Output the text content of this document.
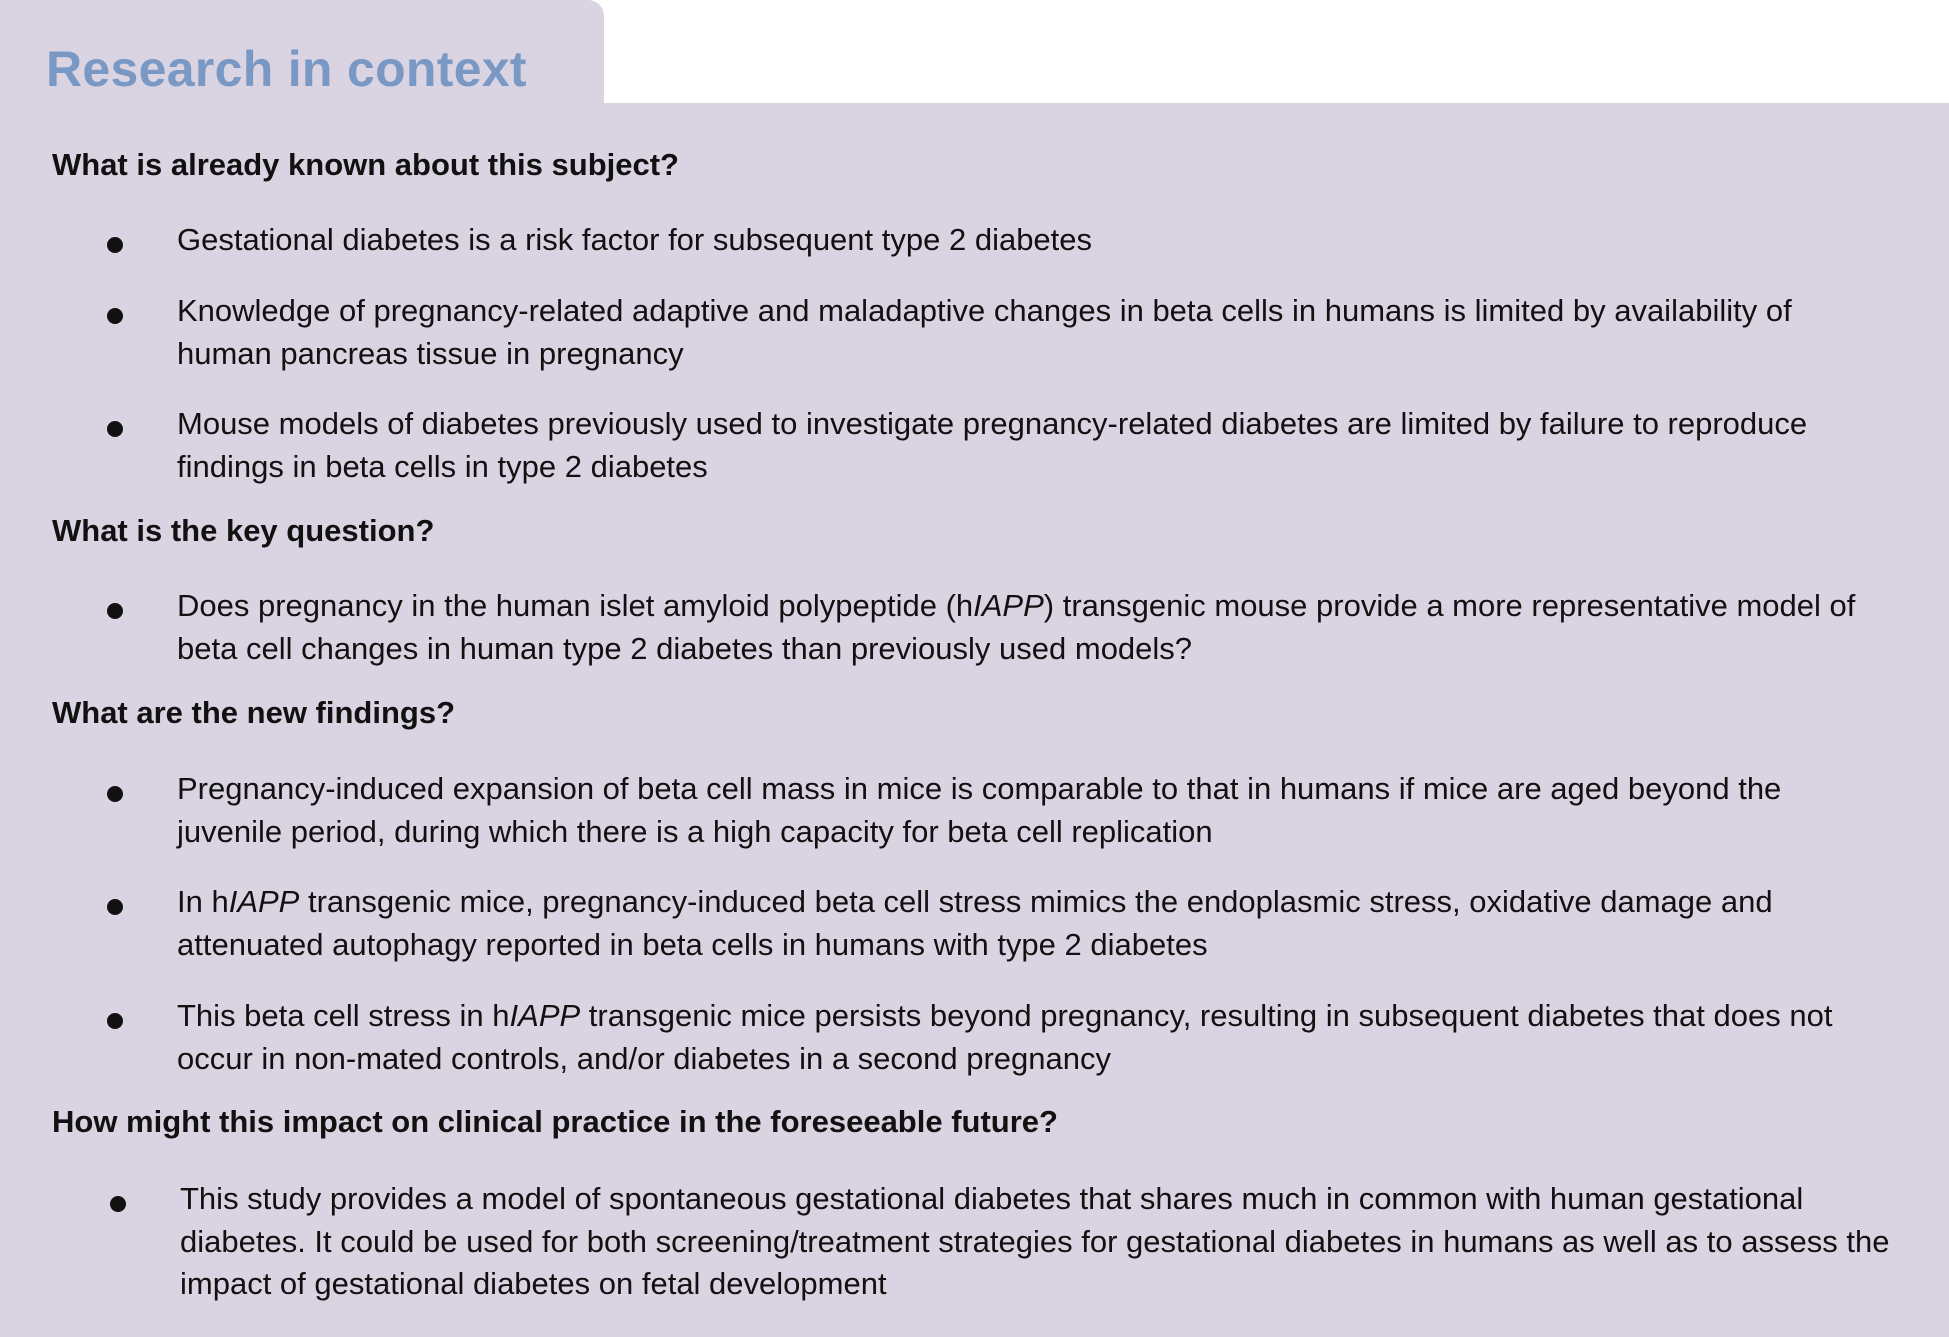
Research in context
What is already known about this subject?
Gestational diabetes is a risk factor for subsequent type 2 diabetes
Knowledge of pregnancy-related adaptive and maladaptive changes in beta cells in humans is limited by availability of human pancreas tissue in pregnancy
Mouse models of diabetes previously used to investigate pregnancy-related diabetes are limited by failure to reproduce findings in beta cells in type 2 diabetes
What is the key question?
Does pregnancy in the human islet amyloid polypeptide (hIAPP) transgenic mouse provide a more representative model of beta cell changes in human type 2 diabetes than previously used models?
What are the new findings?
Pregnancy-induced expansion of beta cell mass in mice is comparable to that in humans if mice are aged beyond the juvenile period, during which there is a high capacity for beta cell replication
In hIAPP transgenic mice, pregnancy-induced beta cell stress mimics the endoplasmic stress, oxidative damage and attenuated autophagy reported in beta cells in humans with type 2 diabetes
This beta cell stress in hIAPP transgenic mice persists beyond pregnancy, resulting in subsequent diabetes that does not occur in non-mated controls, and/or diabetes in a second pregnancy
How might this impact on clinical practice in the foreseeable future?
This study provides a model of spontaneous gestational diabetes that shares much in common with human gestational diabetes. It could be used for both screening/treatment strategies for gestational diabetes in humans as well as to assess the impact of gestational diabetes on fetal development
